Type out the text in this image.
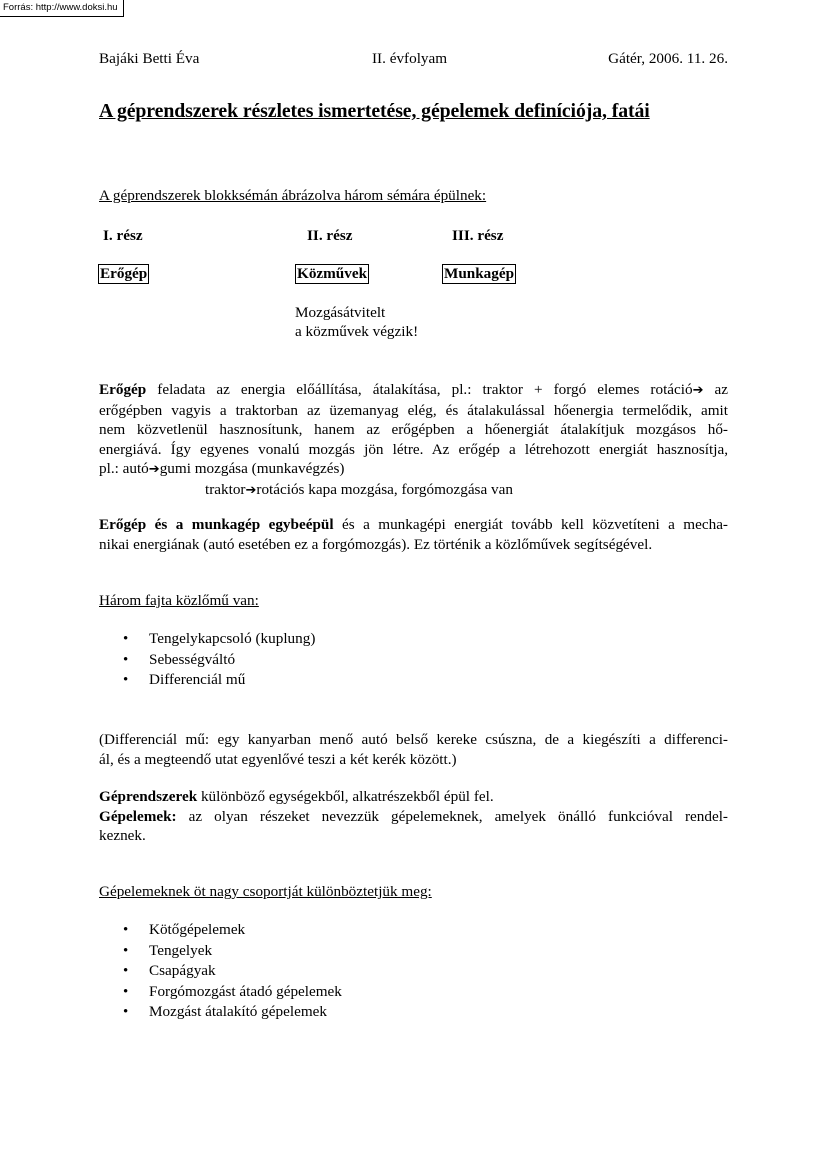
Forrás: http://www.doksi.hu
Bajáki Betti Éva	II. évfolyam	Gátér, 2006. 11. 26.
A géprendszerek részletes ismertetése, gépelemek definíciója, fatái
A géprendszerek blokksémán ábrázolva három sémára épülnek:
I. rész	II. rész	III. rész
Erőgép	Közművek	Munkagép
Mozgásátvitelt
a közművek végzik!
Erőgép feladata az energia előállítása, átalakítása, pl.: traktor + forgó elemes rotáció➔ az
erőgépben vagyis a traktorban az üzemanyag elég, és átalakulással hőenergia termelődik, amit
nem közvetlenül hasznosítunk, hanem az erőgépben a hőenergiát átalakítjuk mozgásos hő-
energiává. Így egyenes vonalú mozgás jön létre. Az erőgép a létrehozott energiát hasznosítja,
pl.: autó➔gumi mozgása (munkavégzés)
traktor➔rotációs kapa mozgása, forgómozgása van
Erőgép és a munkagép egybeépül és a munkagépi energiát tovább kell közvetíteni a mecha-
nikai energiának (autó esetében ez a forgómozgás). Ez történik a közlőművek segítségével.
Három fajta közlőmű van:
• Tengelykapcsoló (kuplung)
• Sebességváltó
• Differenciál mű
(Differenciál mű: egy kanyarban menő autó belső kereke csúszna, de a kiegészíti a differenci-
ál, és a megteendő utat egyenlővé teszi a két kerék között.)
Géprendszerek különböző egységekből, alkatrészekből épül fel.
Gépelemek: az olyan részeket nevezzük gépelemeknek, amelyek önálló funkcióval rendel-
keznek.
Gépelemeknek öt nagy csoportját különböztetjük meg:
• Kötőgépelemek
• Tengelyek
• Csapágyak
• Forgómozgást átadó gépelemek
• Mozgást átalakító gépelemek
